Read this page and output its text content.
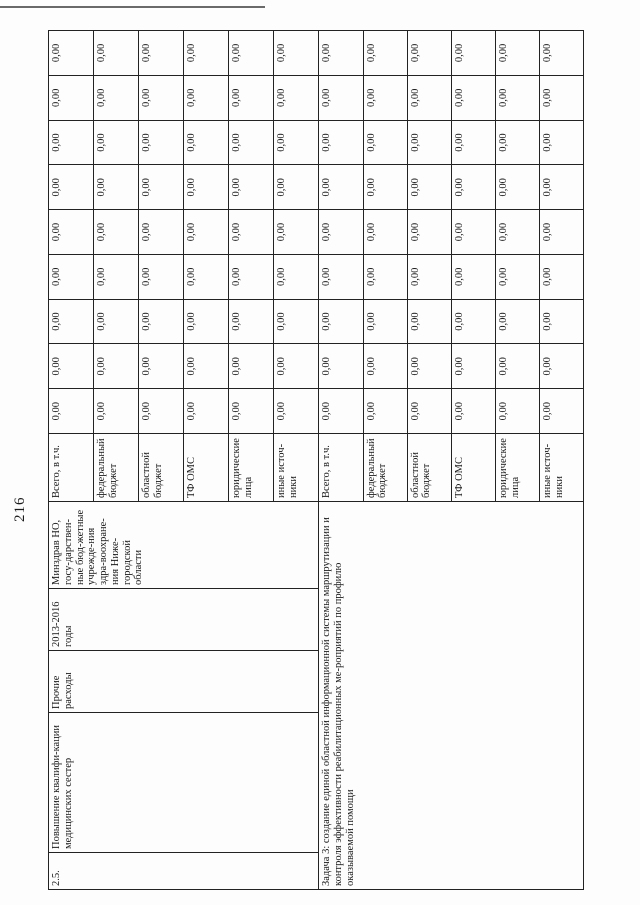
216
2.5.	Повышение квалифи-кации медицинских сестер	Прочие расходы	2013-2016 годы	Минздрав НО, госу-дарствен-ные бюд-жетные учрежде-ния здра-воохране-ния Ниже-городской области	Всего, в т.ч.	0,00	0,00	0,00	0,00	0,00	0,00	0,00	0,00	0,00
					федеральный бюджет	0,00	0,00	0,00	0,00	0,00	0,00	0,00	0,00	0,00
					областной бюджет	0,00	0,00	0,00	0,00	0,00	0,00	0,00	0,00	0,00
					ТФ ОМС	0,00	0,00	0,00	0,00	0,00	0,00	0,00	0,00	0,00
					юридические лица	0,00	0,00	0,00	0,00	0,00	0,00	0,00	0,00	0,00
					иные источ-ники	0,00	0,00	0,00	0,00	0,00	0,00	0,00	0,00	0,00
Задача 3: создание единой областной информационной системы маршрутизации и контроля эффективности реабилитационных ме-роприятий по профилю оказываемой помощи					Всего, в т.ч.	0,00	0,00	0,00	0,00	0,00	0,00	0,00	0,00	0,00
					федеральный бюджет	0,00	0,00	0,00	0,00	0,00	0,00	0,00	0,00	0,00
					областной бюджет	0,00	0,00	0,00	0,00	0,00	0,00	0,00	0,00	0,00
					ТФ ОМС	0,00	0,00	0,00	0,00	0,00	0,00	0,00	0,00	0,00
					юридические лица	0,00	0,00	0,00	0,00	0,00	0,00	0,00	0,00	0,00
					иные источ-ники	0,00	0,00	0,00	0,00	0,00	0,00	0,00	0,00	0,00
